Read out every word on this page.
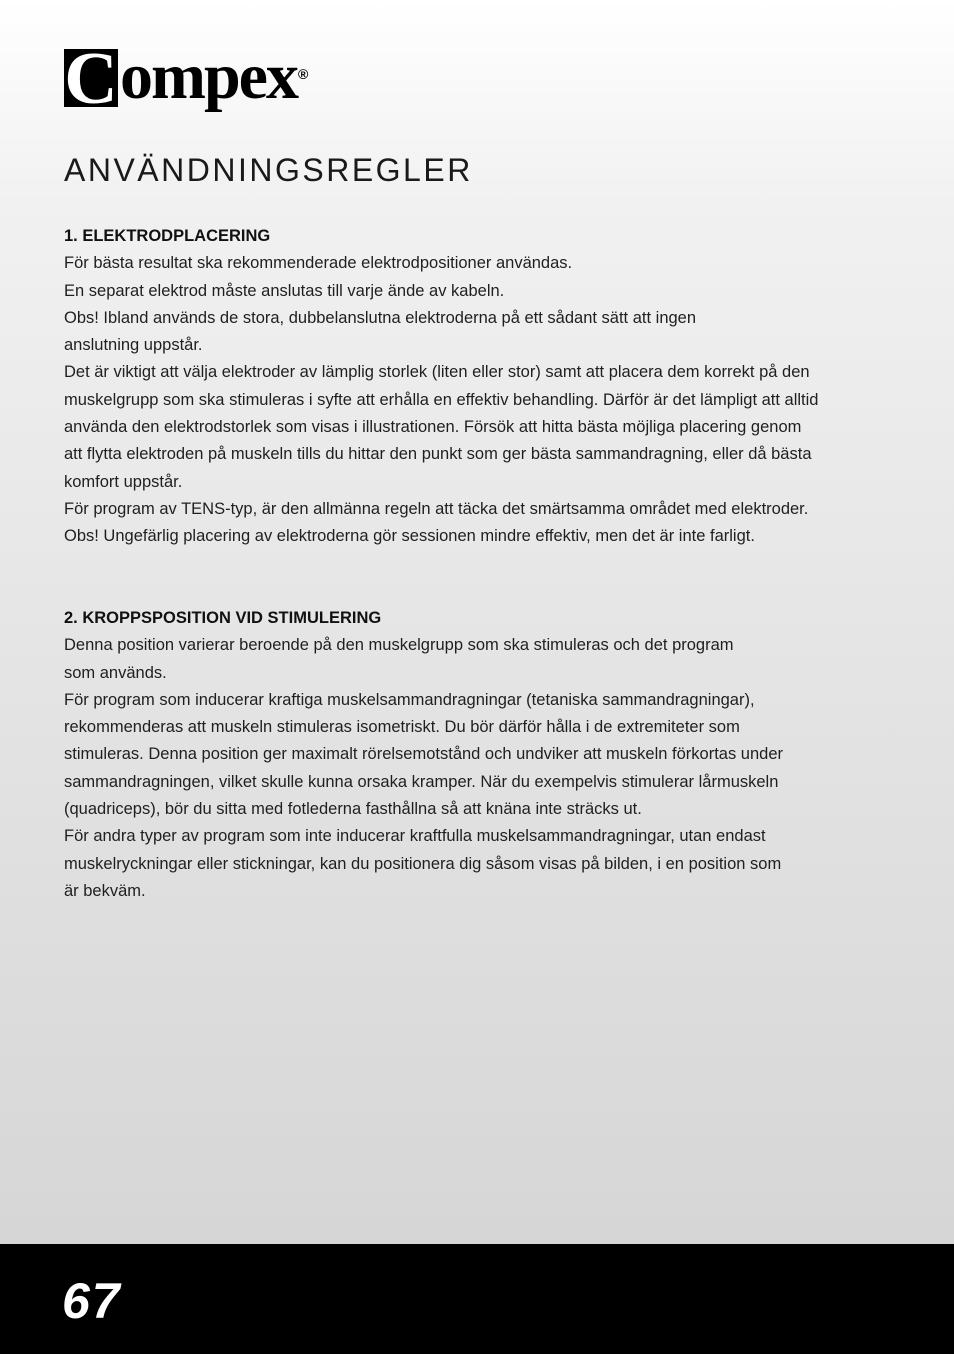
C ompex ®
ANVÄNDNINGSREGLER
1. ELEKTRODPLACERING

För bästa resultat ska rekommenderade elektrodpositioner användas.

En separat elektrod måste anslutas till varje ände av kabeln.

Obs! Ibland används de stora, dubbelanslutna elektroderna på ett sådant sätt att ingen

anslutning uppstår.

Det är viktigt att välja elektroder av lämplig storlek (liten eller stor) samt att placera dem korrekt på den

muskelgrupp som ska stimuleras i syfte att erhålla en effektiv behandling. Därför är det lämpligt att alltid

använda den elektrodstorlek som visas i illustrationen. Försök att hitta bästa möjliga placering genom

att flytta elektroden på muskeln tills du hittar den punkt som ger bästa sammandragning, eller då bästa

komfort uppstår.

För program av TENS-typ, är den allmänna regeln att täcka det smärtsamma området med elektroder.

Obs! Ungefärlig placering av elektroderna gör sessionen mindre effektiv, men det är inte farligt.

2. KROPPSPOSITION VID STIMULERING

Denna position varierar beroende på den muskelgrupp som ska stimuleras och det program

som används.

För program som inducerar kraftiga muskelsammandragningar (tetaniska sammandragningar),

rekommenderas att muskeln stimuleras isometriskt. Du bör därför hålla i de extremiteter som

stimuleras. Denna position ger maximalt rörelsemotstånd och undviker att muskeln förkortas under

sammandragningen, vilket skulle kunna orsaka kramper. När du exempelvis stimulerar lårmuskeln

(quadriceps), bör du sitta med fotlederna fasthållna så att knäna inte sträcks ut.

För andra typer av program som inte inducerar kraftfulla muskelsammandragningar, utan endast

muskelryckningar eller stickningar, kan du positionera dig såsom visas på bilden, i en position som

är bekväm.

67
